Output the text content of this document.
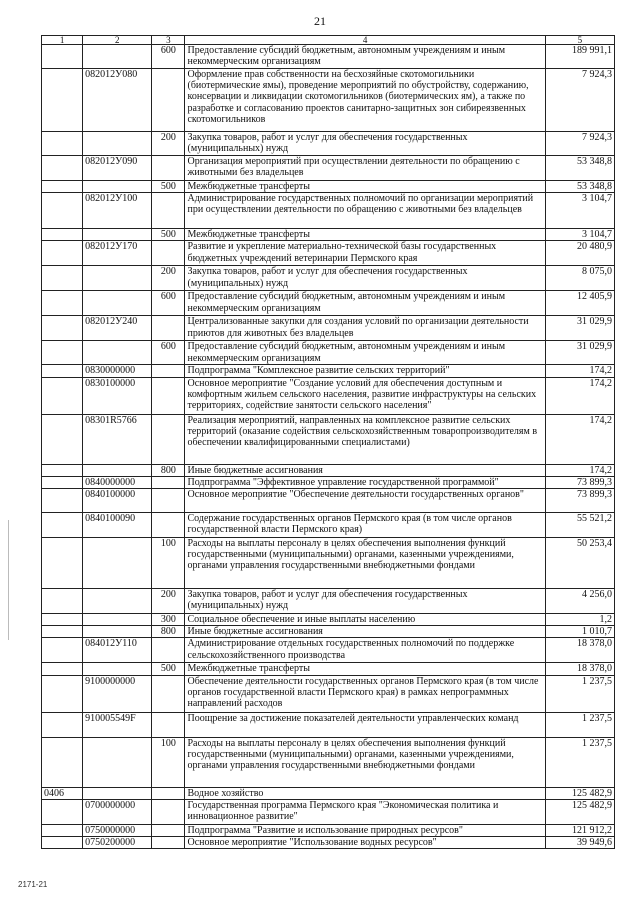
21
1	2	3	4	5
		600	Предоставление субсидий бюджетным, автономным учреждениям и иным некоммерческим организациям	189 991,1
	082012У080		Оформление прав собственности на бесхозяйные скотомогильники (биотермические ямы), проведение мероприятий по обустройству, содержанию, консервации и ликвидации скотомогильников (биотермических ям), а также по разработке и согласованию проектов санитарно-защитных зон сибиреязвенных скотомогильников	7 924,3
		200	Закупка товаров, работ и услуг для обеспечения государственных (муниципальных) нужд	7 924,3
	082012У090		Организация мероприятий при осуществлении деятельности по обращению с животными без владельцев	53 348,8
		500	Межбюджетные трансферты	53 348,8
	082012У100		Администрирование государственных полномочий по организации мероприятий при осуществлении деятельности по обращению с животными без владельцев	3 104,7
		500	Межбюджетные трансферты	3 104,7
	082012У170		Развитие и укрепление материально-технической базы государственных бюджетных учреждений ветеринарии Пермского края	20 480,9
		200	Закупка товаров, работ и услуг для обеспечения государственных (муниципальных) нужд	8 075,0
		600	Предоставление субсидий бюджетным, автономным учреждениям и иным некоммерческим организациям	12 405,9
	082012У240		Централизованные закупки для создания условий по организации деятельности приютов для животных без владельцев	31 029,9
		600	Предоставление субсидий бюджетным, автономным учреждениям и иным некоммерческим организациям	31 029,9
	0830000000		Подпрограмма "Комплексное развитие сельских территорий"	174,2
	0830100000		Основное мероприятие "Создание условий для обеспечения доступным и комфортным жильем сельского населения, развитие инфраструктуры на сельских территориях, содействие занятости сельского населения"	174,2
	08301R5766		Реализация мероприятий, направленных на комплексное развитие сельских территорий (оказание содействия сельскохозяйственным товаропроизводителям в обеспечении квалифицированными специалистами)	174,2
		800	Иные бюджетные ассигнования	174,2
	0840000000		Подпрограмма "Эффективное управление государственной программой"	73 899,3
	0840100000		Основное мероприятие "Обеспечение деятельности государственных органов"	73 899,3
	0840100090		Содержание государственных органов Пермского края (в том числе органов государственной власти Пермского края)	55 521,2
		100	Расходы на выплаты персоналу в целях обеспечения выполнения функций государственными (муниципальными) органами, казенными учреждениями, органами управления государственными внебюджетными фондами	50 253,4
		200	Закупка товаров, работ и услуг для обеспечения государственных (муниципальных) нужд	4 256,0
		300	Социальное обеспечение и иные выплаты населению	1,2
		800	Иные бюджетные ассигнования	1 010,7
	084012У110		Администрирование отдельных государственных полномочий по поддержке сельскохозяйственного производства	18 378,0
		500	Межбюджетные трансферты	18 378,0
	9100000000		Обеспечение деятельности государственных органов Пермского края (в том числе органов государственной власти Пермского края) в рамках непрограммных направлений расходов	1 237,5
	910005549F		Поощрение за достижение показателей деятельности управленческих команд	1 237,5
		100	Расходы на выплаты персоналу в целях обеспечения выполнения функций государственными (муниципальными) органами, казенными учреждениями, органами управления государственными внебюджетными фондами	1 237,5
0406			Водное хозяйство	125 482,9
	0700000000		Государственная программа Пермского края "Экономическая политика и инновационное развитие"	125 482,9
	0750000000		Подпрограмма "Развитие и использование природных ресурсов"	121 912,2
	0750200000		Основное мероприятие "Использование водных ресурсов"	39 949,6
2171-21
